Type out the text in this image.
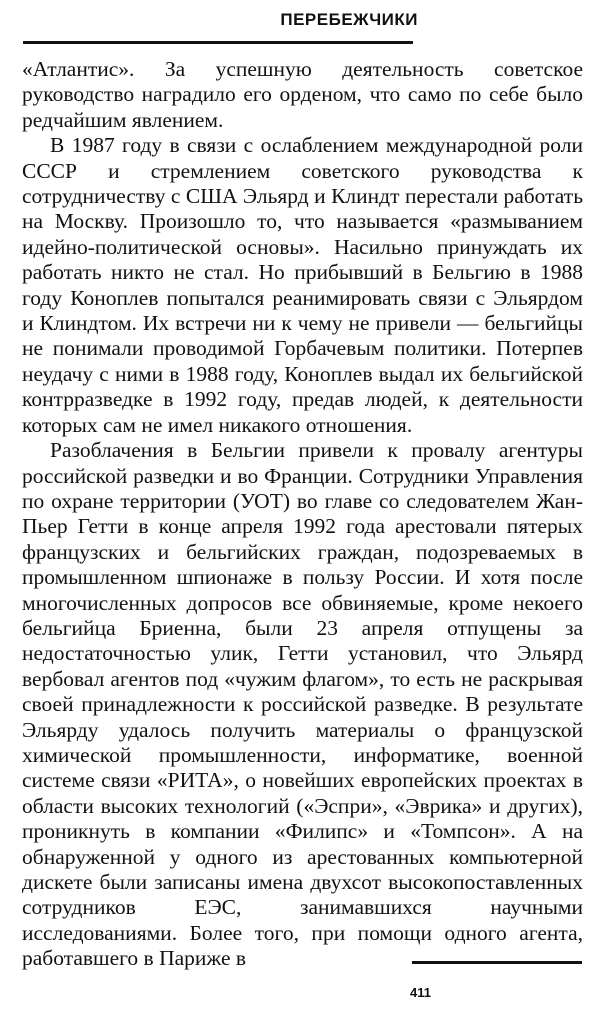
ПЕРЕБЕЖЧИКИ

«Атлантис». За успешную деятельность советское руководство наградило его орденом, что само по себе было редчайшим явлением.

В 1987 году в связи с ослаблением международной роли СССР и стремлением советского руководства к сотрудничеству с США Эльярд и Клиндт перестали работать на Москву. Произошло то, что называется «размыванием идейно-политической основы». Насильно принуждать их работать никто не стал. Но прибывший в Бельгию в 1988 году Коноплев попытался реанимировать связи с Эльярдом и Клиндтом. Их встречи ни к чему не привели — бельгийцы не понимали проводимой Горбачевым политики. Потерпев неудачу с ними в 1988 году, Коноплев выдал их бельгийской контрразведке в 1992 году, предав людей, к деятельности которых сам не имел никакого отношения.

Разоблачения в Бельгии привели к провалу агентуры российской разведки и во Франции. Сотрудники Управления по охране территории (УОТ) во главе со следователем Жан-Пьер Гетти в конце апреля 1992 года арестовали пятерых французских и бельгийских граждан, подозреваемых в промышленном шпионаже в пользу России. И хотя после многочисленных допросов все обвиняемые, кроме некоего бельгийца Бриенна, были 23 апреля отпущены за недостаточностью улик, Гетти установил, что Эльярд вербовал агентов под «чужим флагом», то есть не раскрывая своей принадлежности к российской разведке. В результате Эльярду удалось получить материалы о французской химической промышленности, информатике, военной системе связи «РИТА», о новейших европейских проектах в области высоких технологий («Эспри», «Эврика» и других), проникнуть в компании «Филипс» и «Томпсон». А на обнаруженной у одного из арестованных компьютерной дискете были записаны имена двухсот высокопоставленных сотрудников ЕЭС, занимавшихся научными исследованиями. Более того, при помощи одного агента, работавшего в Париже в

411
